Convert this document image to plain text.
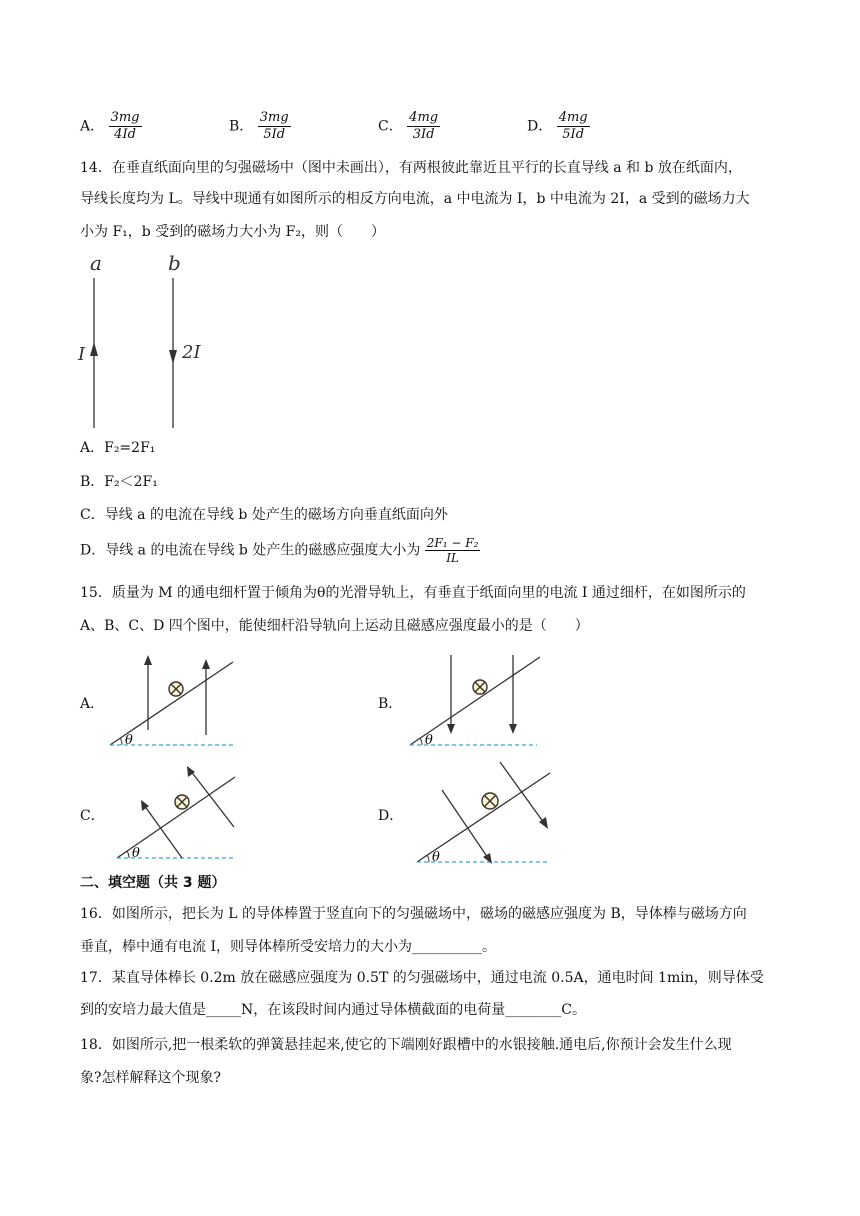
A． $\frac{3mg}{4Id}$	B． $\frac{3mg}{5Id}$	C． $\frac{4mg}{3Id}$	D． $\frac{4mg}{5Id}$
14．在垂直纸面向里的匀强磁场中（图中未画出），有两根彼此靠近且平行的长直导线 a 和 b 放在纸面内，
导线长度均为 L。导线中现通有如图所示的相反方向电流，a 中电流为 I，b 中电流为 2I，a 受到的磁场力大
小为 F₁，b 受到的磁场力大小为 F₂，则（　　）
a	b
I	2I
A．F₂=2F₁
B．F₂＜2F₁
C．导线 a 的电流在导线 b 处产生的磁场方向垂直纸面向外
D．导线 a 的电流在导线 b 处产生的磁感应强度大小为 $\frac{\text{2F₁ − F₂}}{IL}$
15．质量为 M 的通电细杆置于倾角为θ的光滑导轨上，有垂直于纸面向里的电流 I 通过细杆，在如图所示的
A、B、C、D 四个图中，能使细杆沿导轨向上运动且磁感应强度最小的是（　　）
A．	B．
C．	D．
θ	θ
θ	θ
二、填空题（共 3 题）
16．如图所示，把长为 L 的导体棒置于竖直向下的匀强磁场中，磁场的磁感应强度为 B，导体棒与磁场方向
垂直，棒中通有电流 I，则导体棒所受安培力的大小为__________。
17．某直导体棒长 0.2m 放在磁感应强度为 0.5T 的匀强磁场中，通过电流 0.5A，通电时间 1min，则导体受
到的安培力最大值是_____N，在该段时间内通过导体横截面的电荷量________C。
18．如图所示,把一根柔软的弹簧悬挂起来,使它的下端刚好跟槽中的水银接触.通电后,你预计会发生什么现
象?怎样解释这个现象?
